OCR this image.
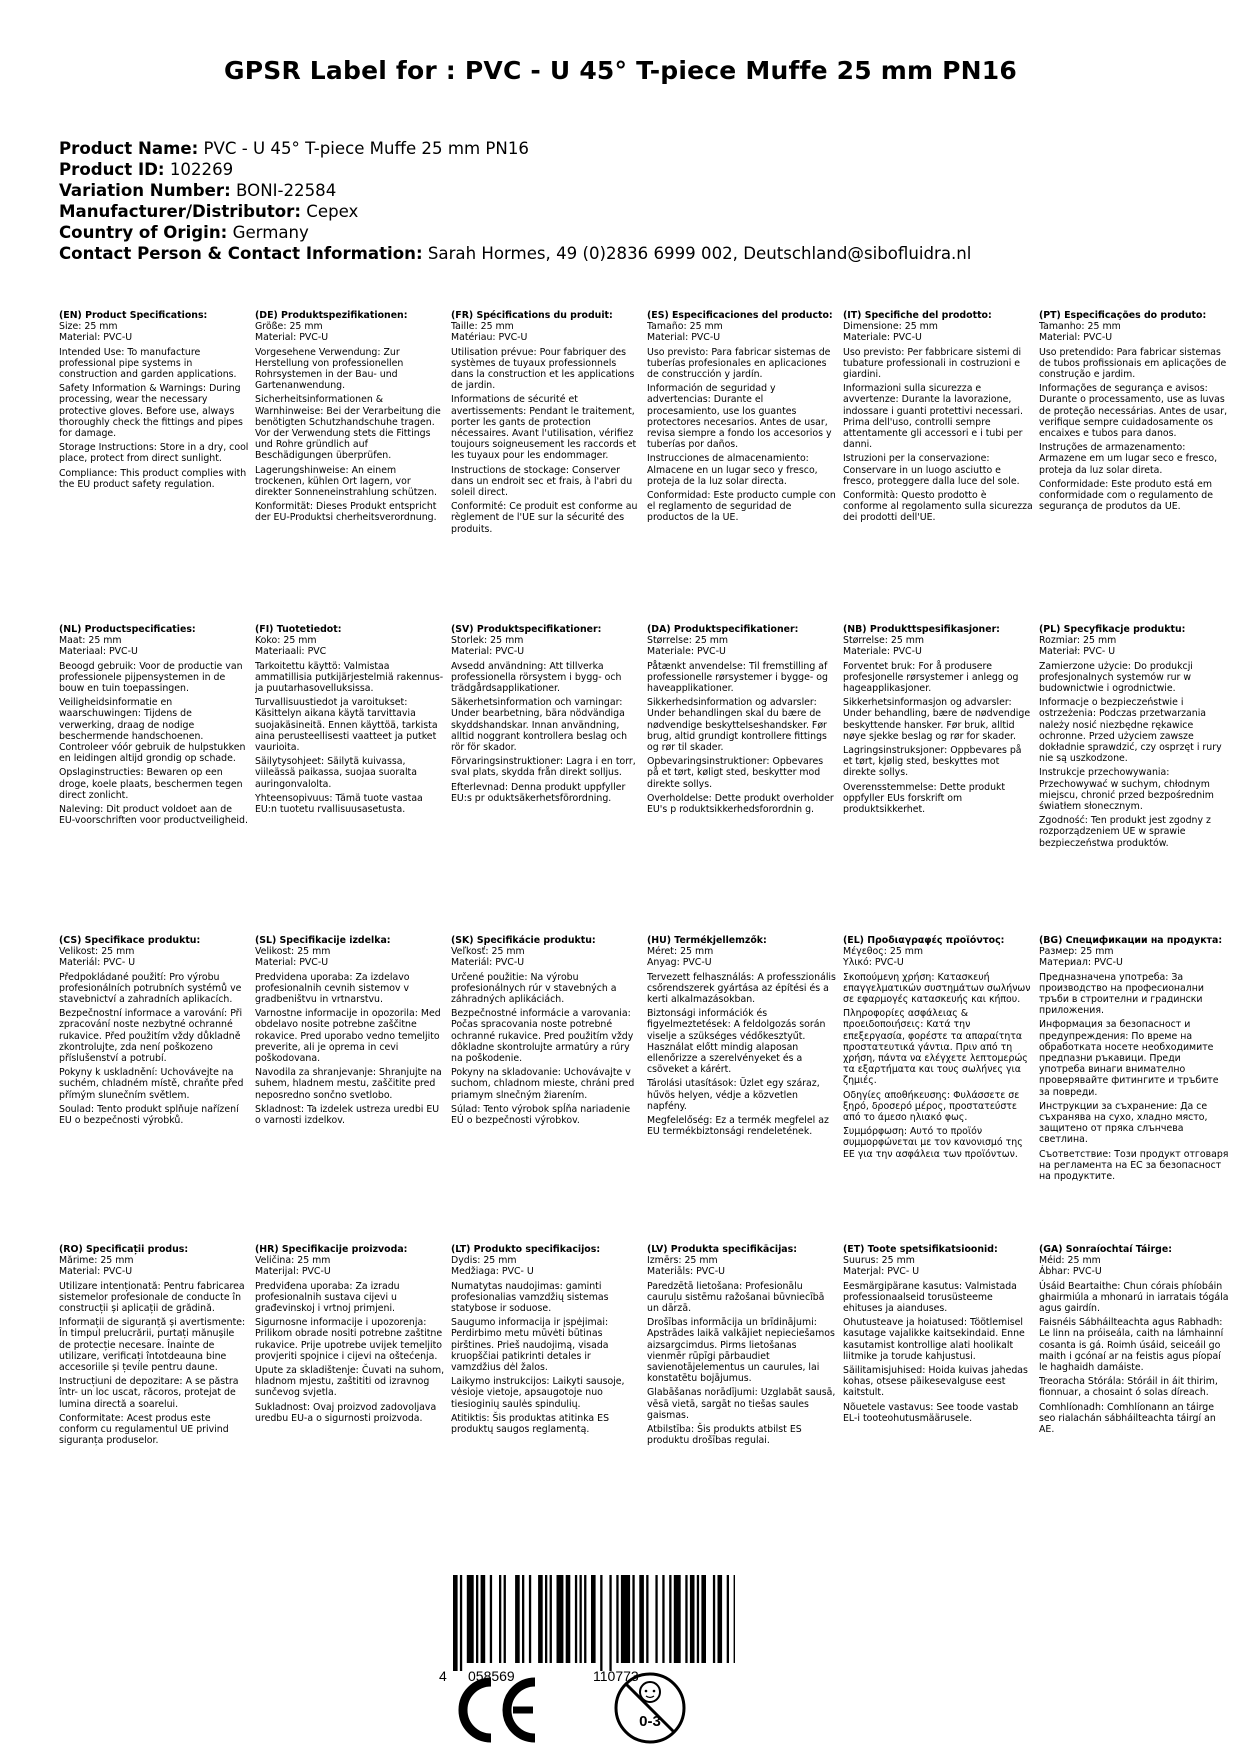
GPSR Label for : PVC - U 45° T-piece Muffe 25 mm PN16
Product Name: PVC - U 45° T-piece Muffe 25 mm PN16
Product ID: 102269
Variation Number: BONI-22584
Manufacturer/Distributor: Cepex
Country of Origin: Germany
Contact Person & Contact Information: Sarah Hormes, 49 (0)2836 6999 002, Deutschland@sibofluidra.nl
(EN) Product Specifications:
Size: 25 mm
Material: PVC-U
Intended Use: To manufacture professional pipe systems in construction and garden applications.
Safety Information & Warnings: During processing, wear the necessary protective gloves. Before use, always thoroughly check the fittings and pipes for damage.
Storage Instructions: Store in a dry, cool place, protect from direct sunlight.
Compliance: This product complies with the EU product safety regulation.
(DE) Produktspezifikationen:
Größe: 25 mm
Material: PVC-U
Vorgesehene Verwendung: Zur Herstellung von professionellen Rohrsystemen in der Bau- und Gartenanwendung.
Sicherheitsinformationen & Warnhinweise: Bei der Verarbeitung die benötigten Schutzhandschuhe tragen. Vor der Verwendung stets die Fittings und Rohre gründlich auf Beschädigungen überprüfen.
Lagerungshinweise: An einem trockenen, kühlen Ort lagern, vor direkter Sonneneinstrahlung schützen.
Konformität: Dieses Produkt entspricht der EU-Produktsi cherheitsverordnung.
(FR) Spécifications du produit:
Taille: 25 mm
Matériau: PVC-U
Utilisation prévue: Pour fabriquer des systèmes de tuyaux professionnels dans la construction et les applications de jardin.
Informations de sécurité et avertissements: Pendant le traitement, porter les gants de protection nécessaires. Avant l'utilisation, vérifiez toujours soigneusement les raccords et les tuyaux pour les endommager.
Instructions de stockage: Conserver dans un endroit sec et frais, à l'abri du soleil direct.
Conformité: Ce produit est conforme au règlement de l'UE sur la sécurité des produits.
(ES) Especificaciones del producto:
Tamaño: 25 mm
Material: PVC-U
Uso previsto: Para fabricar sistemas de tuberías profesionales en aplicaciones de construcción y jardín.
Información de seguridad y advertencias: Durante el procesamiento, use los guantes protectores necesarios. Antes de usar, revisa siempre a fondo los accesorios y tuberías por daños.
Instrucciones de almacenamiento: Almacene en un lugar seco y fresco, proteja de la luz solar directa.
Conformidad: Este producto cumple con el reglamento de seguridad de productos de la UE.
(IT) Specifiche del prodotto:
Dimensione: 25 mm
Materiale: PVC-U
Uso previsto: Per fabbricare sistemi di tubature professionali in costruzioni e giardini.
Informazioni sulla sicurezza e avvertenze: Durante la lavorazione, indossare i guanti protettivi necessari. Prima dell'uso, controlli sempre attentamente gli accessori e i tubi per danni.
Istruzioni per la conservazione: Conservare in un luogo asciutto e fresco, proteggere dalla luce del sole.
Conformità: Questo prodotto è conforme al regolamento sulla sicurezza dei prodotti dell'UE.
(PT) Especificações do produto:
Tamanho: 25 mm
Material: PVC-U
Uso pretendido: Para fabricar sistemas de tubos profissionais em aplicações de construção e jardim.
Informações de segurança e avisos: Durante o processamento, use as luvas de proteção necessárias. Antes de usar, verifique sempre cuidadosamente os encaixes e tubos para danos.
Instruções de armazenamento: Armazene em um lugar seco e fresco, proteja da luz solar direta.
Conformidade: Este produto está em conformidade com o regulamento de segurança de produtos da UE.
(NL) Productspecificaties:
Maat: 25 mm
Materiaal: PVC-U
Beoogd gebruik: Voor de productie van professionele pijpensystemen in de bouw en tuin toepassingen.
Veiligheidsinformatie en waarschuwingen: Tijdens de verwerking, draag de nodige beschermende handschoenen. Controleer vóór gebruik de hulpstukken en leidingen altijd grondig op schade.
Opslaginstructies: Bewaren op een droge, koele plaats, beschermen tegen direct zonlicht.
Naleving: Dit product voldoet aan de EU-voorschriften voor productveiligheid.
(FI) Tuotetiedot:
Koko: 25 mm
Materiaali: PVC
Tarkoitettu käyttö: Valmistaa ammatillisia putkijärjestelmiä rakennus- ja puutarhasovelluksissa.
Turvallisuustiedot ja varoitukset: Käsittelyn aikana käytä tarvittavia suojakäsineitä. Ennen käyttöä, tarkista aina perusteellisesti vaatteet ja putket vaurioita.
Säilytysohjeet: Säilytä kuivassa, viileässä paikassa, suojaa suoralta auringonvalolta.
Yhteensopivuus: Tämä tuote vastaa EU:n tuotetu rvallisuusasetusta.
(SV) Produktspecifikationer:
Storlek: 25 mm
Material: PVC-U
Avsedd användning: Att tillverka professionella rörsystem i bygg- och trädgårdsapplikationer.
Säkerhetsinformation och varningar: Under bearbetning, bära nödvändiga skyddshandskar. Innan användning, alltid noggrant kontrollera beslag och rör för skador.
Förvaringsinstruktioner: Lagra i en torr, sval plats, skydda från direkt solljus.
Efterlevnad: Denna produkt uppfyller EU:s pr oduktsäkerhetsförordning.
(DA) Produktspecifikationer:
Størrelse: 25 mm
Materiale: PVC-U
Påtænkt anvendelse: Til fremstilling af professionelle rørsystemer i bygge- og haveapplikationer.
Sikkerhedsinformation og advarsler: Under behandlingen skal du bære de nødvendige beskyttelseshandsker. Før brug, altid grundigt kontrollere fittings og rør til skader.
Opbevaringsinstruktioner: Opbevares på et tørt, køligt sted, beskytter mod direkte sollys.
Overholdelse: Dette produkt overholder EU's p roduktsikkerhedsforordnin g.
(NB) Produkttspesifikasjoner:
Størrelse: 25 mm
Materiale: PVC-U
Forventet bruk: For å produsere profesjonelle rørsystemer i anlegg og hageapplikasjoner.
Sikkerhetsinformasjon og advarsler: Under behandling, bære de nødvendige beskyttende hansker. Før bruk, alltid nøye sjekke beslag og rør for skader.
Lagringsinstruksjoner: Oppbevares på et tørt, kjølig sted, beskyttes mot direkte sollys.
Overensstemmelse: Dette produkt oppfyller EUs forskrift om produktsikkerhet.
(PL) Specyfikacje produktu:
Rozmiar: 25 mm
Materiał: PVC- U
Zamierzone użycie: Do produkcji profesjonalnych systemów rur w budownictwie i ogrodnictwie.
Informacje o bezpieczeństwie i ostrzeżenia: Podczas przetwarzania należy nosić niezbędne rękawice ochronne. Przed użyciem zawsze dokładnie sprawdzić, czy osprzęt i rury nie są uszkodzone.
Instrukcje przechowywania: Przechowywać w suchym, chłodnym miejscu, chronić przed bezpośrednim światłem słonecznym.
Zgodność: Ten produkt jest zgodny z rozporządzeniem UE w sprawie bezpieczeństwa produktów.
(CS) Specifikace produktu:
Velikost: 25 mm
Materiál: PVC- U
Předpokládané použití: Pro výrobu profesionálních potrubních systémů ve stavebnictví a zahradních aplikacích.
Bezpečnostní informace a varování: Při zpracování noste nezbytné ochranné rukavice. Před použitím vždy důkladně zkontrolujte, zda není poškozeno příslušenství a potrubí.
Pokyny k uskladnění: Uchovávejte na suchém, chladném místě, chraňte před přímým slunečním světlem.
Soulad: Tento produkt splňuje nařízení EU o bezpečnosti výrobků.
(SL) Specifikacije izdelka:
Velikost: 25 mm
Material: PVC-U
Predvidena uporaba: Za izdelavo profesionalnih cevnih sistemov v gradbeništvu in vrtnarstvu.
Varnostne informacije in opozorila: Med obdelavo nosite potrebne zaščitne rokavice. Pred uporabo vedno temeljito preverite, ali je oprema in cevi poškodovana.
Navodila za shranjevanje: Shranjujte na suhem, hladnem mestu, zaščitite pred neposredno sončno svetlobo.
Skladnost: Ta izdelek ustreza uredbi EU o varnosti izdelkov.
(SK) Špecifikácie produktu:
Veľkosť: 25 mm
Materiál: PVC-U
Určené použitie: Na výrobu profesionálnych rúr v stavebných a záhradných aplikáciách.
Bezpečnostné informácie a varovania: Počas spracovania noste potrebné ochranné rukavice. Pred použitím vždy dôkladne skontrolujte armatúry a rúry na poškodenie.
Pokyny na skladovanie: Uchovávajte v suchom, chladnom mieste, chráni pred priamym slnečným žiarením.
Súlad: Tento výrobok spĺňa nariadenie EÚ o bezpečnosti výrobkov.
(HU) Termékjellemzők:
Méret: 25 mm
Anyag: PVC-U
Tervezett felhasználás: A professzionális csőrendszerek gyártása az építési és a kerti alkalmazásokban.
Biztonsági információk és figyelmeztetések: A feldolgozás során viselje a szükséges védőkesztyűt. Használat előtt mindig alaposan ellenőrizze a szerelvényeket és a csöveket a kárért.
Tárolási utasítások: Üzlet egy száraz, hűvös helyen, védje a közvetlen napfény.
Megfelelőség: Ez a termék megfelel az EU termékbiztonsági rendeletének.
(EL) Προδιαγραφές προϊόντος:
Μέγεθος: 25 mm
Υλικό: PVC-U
Σκοπούμενη χρήση: Κατασκευή επαγγελματικών συστημάτων σωλήνων σε εφαρμογές κατασκευής και κήπου.
Πληροφορίες ασφάλειας & προειδοποιήσεις: Κατά την επεξεργασία, φορέστε τα απαραίτητα προστατευτικά γάντια. Πριν από τη χρήση, πάντα να ελέγχετε λεπτομερώς τα εξαρτήματα και τους σωλήνες για ζημιές.
Οδηγίες αποθήκευσης: Φυλάσσετε σε ξηρό, δροσερό μέρος, προστατεύστε από το άμεσο ηλιακό φως.
Συμμόρφωση: Αυτό το προϊόν συμμορφώνεται με τον κανονισμό της ΕΕ για την ασφάλεια των προϊόντων.
(BG) Спецификации на продукта:
Размер: 25 mm
Материал: PVC-U
Предназначена употреба: За производство на професионални тръби в строителни и градински приложения.
Информация за безопасност и предупреждения: По време на обработката носете необходимите предпазни ръкавици. Преди употреба винаги внимателно проверявайте фитингите и тръбите за повреди.
Инструкции за съхранение: Да се съхранява на сухо, хладно място, защитено от пряка слънчева светлина.
Съответствие: Този продукт отговаря на регламента на ЕС за безопасност на продуктите.
(RO) Specificații produs:
Mărime: 25 mm
Material: PVC-U
Utilizare intenționată: Pentru fabricarea sistemelor profesionale de conducte în construcții și aplicații de grădină.
Informații de siguranță și avertismente: În timpul prelucrării, purtați mănușile de protecție necesare. Înainte de utilizare, verificați întotdeauna bine accesoriile și țevile pentru daune.
Instrucțiuni de depozitare: A se păstra într- un loc uscat, răcoros, protejat de lumina directă a soarelui.
Conformitate: Acest produs este conform cu regulamentul UE privind siguranța produselor.
(HR) Specifikacije proizvoda:
Veličina: 25 mm
Materijal: PVC-U
Predviđena uporaba: Za izradu profesionalnih sustava cijevi u građevinskoj i vrtnoj primjeni.
Sigurnosne informacije i upozorenja: Prilikom obrade nositi potrebne zaštitne rukavice. Prije upotrebe uvijek temeljito provjeriti spojnice i cijevi na oštećenja.
Upute za skladištenje: Čuvati na suhom, hladnom mjestu, zaštititi od izravnog sunčevog svjetla.
Sukladnost: Ovaj proizvod zadovoljava uredbu EU-a o sigurnosti proizvoda.
(LT) Produkto specifikacijos:
Dydis: 25 mm
Medžiaga: PVC- U
Numatytas naudojimas: gaminti profesionalias vamzdžių sistemas statybose ir soduose.
Saugumo informacija ir įspėjimai: Perdirbimo metu mūvėti būtinas pirštines. Prieš naudojimą, visada kruopščiai patikrinti detales ir vamzdžius dėl žalos.
Laikymo instrukcijos: Laikyti sausoje, vėsioje vietoje, apsaugotoje nuo tiesioginių saulės spindulių.
Atitiktis: Šis produktas atitinka ES produktų saugos reglamentą.
(LV) Produkta specifikācijas:
Izmērs: 25 mm
Materiāls: PVC-U
Paredzētā lietošana: Profesionālu cauruļu sistēmu ražošanai būvniecībā un dārzā.
Drošības informācija un brīdinājumi: Apstrādes laikā valkājiet nepieciešamos aizsargcimdus. Pirms lietošanas vienmēr rūpīgi pārbaudiet savienotājelementus un caurules, lai konstatētu bojājumus.
Glabāšanas norādījumi: Uzglabāt sausā, vēsā vietā, sargāt no tiešas saules gaismas.
Atbilstība: Šis produkts atbilst ES produktu drošības regulai.
(ET) Toote spetsifikatsioonid:
Suurus: 25 mm
Materjal: PVC- U
Eesmärgipärane kasutus: Valmistada professionaalseid torusüsteeme ehituses ja aianduses.
Ohutusteave ja hoiatused: Töötlemisel kasutage vajalikke kaitsekindaid. Enne kasutamist kontrollige alati hoolikalt liitmike ja torude kahjustusi.
Säilitamisjuhised: Hoida kuivas jahedas kohas, otsese päikesevalguse eest kaitstult.
Nõuetele vastavus: See toode vastab EL-i tooteohutusmäärusele.
(GA) Sonraíochtaí Táirge:
Méid: 25 mm
Ábhar: PVC-U
Úsáid Beartaithe: Chun córais phíobáin ghairmiúla a mhonarú in iarratais tógála agus gairdín.
Faisnéis Sábháilteachta agus Rabhadh: Le linn na próiseála, caith na lámhainní cosanta is gá. Roimh úsáid, seiceáil go maith i gcónaí ar na feistis agus píopaí le haghaidh damáiste.
Treoracha Stórála: Stóráil in áit thirim, fionnuar, a chosaint ó solas díreach.
Comhlíonadh: Comhlíonann an táirge seo rialachán sábháilteachta táirgí an AE.
4 058569	110773
0-3
